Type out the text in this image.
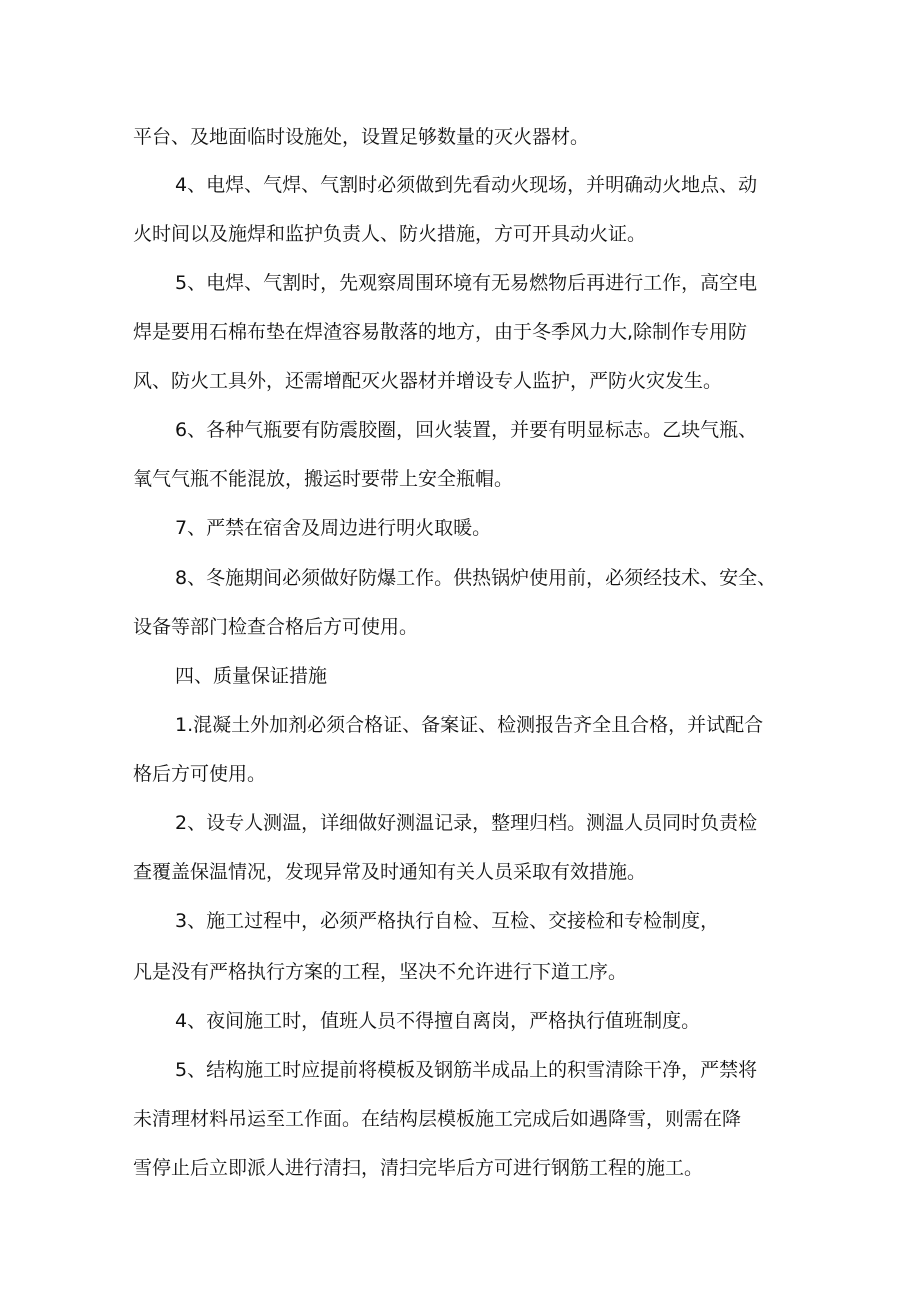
平台、及地面临时设施处，设置足够数量的灭火器材。
4、电焊、气焊、气割时必须做到先看动火现场，并明确动火地点、动
火时间以及施焊和监护负责人、防火措施，方可开具动火证。
5、电焊、气割时，先观察周围环境有无易燃物后再进行工作，高空电
焊是要用石棉布垫在焊渣容易散落的地方，由于冬季风力大,除制作专用防
风、防火工具外，还需增配灭火器材并增设专人监护，严防火灾发生。
6、各种气瓶要有防震胶圈，回火装置，并要有明显标志。乙块气瓶、
氧气气瓶不能混放，搬运时要带上安全瓶帽。
7、严禁在宿舍及周边进行明火取暖。
8、冬施期间必须做好防爆工作。供热锅炉使用前，必须经技术、安全、
设备等部门检查合格后方可使用。
四、质量保证措施
1.混凝土外加剂必须合格证、备案证、检测报告齐全且合格，并试配合
格后方可使用。
2、设专人测温，详细做好测温记录，整理归档。测温人员同时负责检
查覆盖保温情况，发现异常及时通知有关人员采取有效措施。
3、施工过程中，必须严格执行自检、互检、交接检和专检制度，
凡是没有严格执行方案的工程，坚决不允许进行下道工序。
4、夜间施工时，值班人员不得擅自离岗，严格执行值班制度。
5、结构施工时应提前将模板及钢筋半成品上的积雪清除干净，严禁将
未清理材料吊运至工作面。在结构层模板施工完成后如遇降雪，则需在降
雪停止后立即派人进行清扫，清扫完毕后方可进行钢筋工程的施工。
